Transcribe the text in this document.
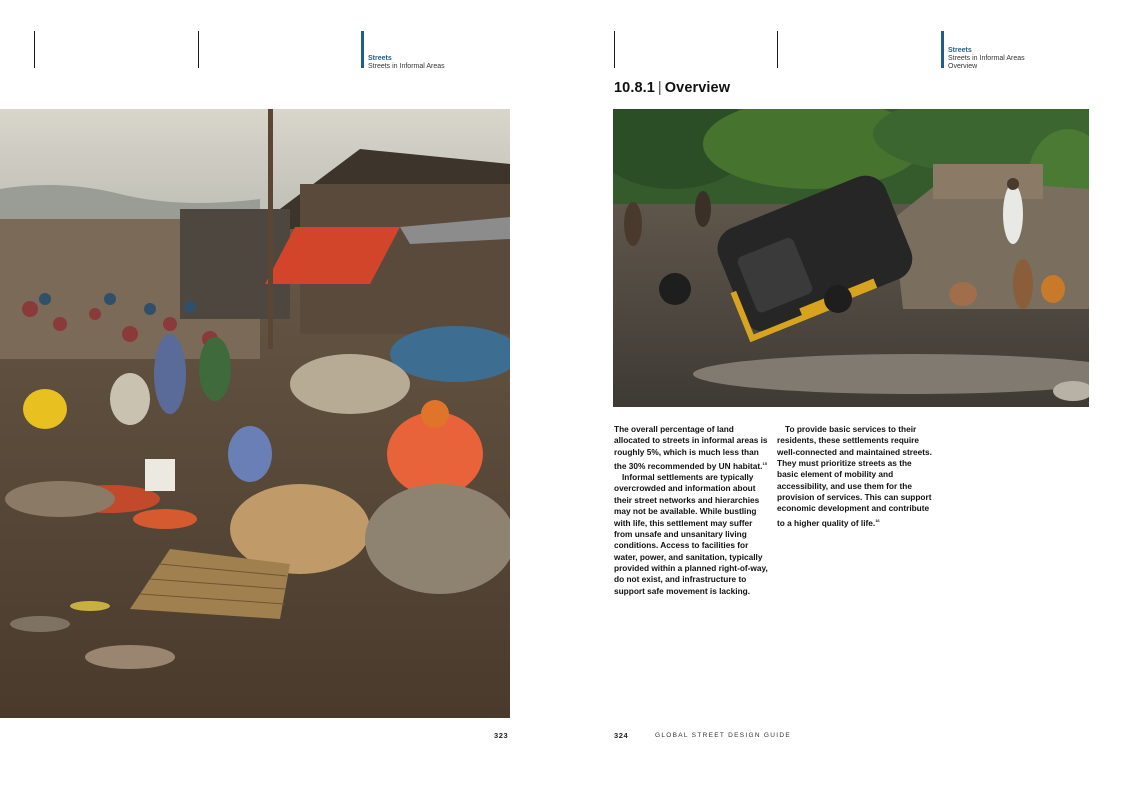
Streets
Streets in Informal Areas
Streets
Streets in Informal Areas
Overview
10.8.1 | Overview

The overall percentage of land allocated to streets in informal areas is roughly 5%, which is much less than the 30% recommended by UN habitat.$^{15}$

Informal settlements are typically overcrowded and information about their street networks and hierarchies may not be available. While bustling with life, this settlement may suffer from unsafe and unsanitary living conditions. Access to facilities for water, power, and sanitation, typically provided within a planned right-of-way, do not exist, and infrastructure to support safe movement is lacking.

To provide basic services to their residents, these settlements require well-connected and maintained streets. They must prioritize streets as the basic element of mobility and accessibility, and use them for the provision of services. This can support economic development and contribute to a higher quality of life.$^{16}$

323	324	GLOBAL STREET DESIGN GUIDE
